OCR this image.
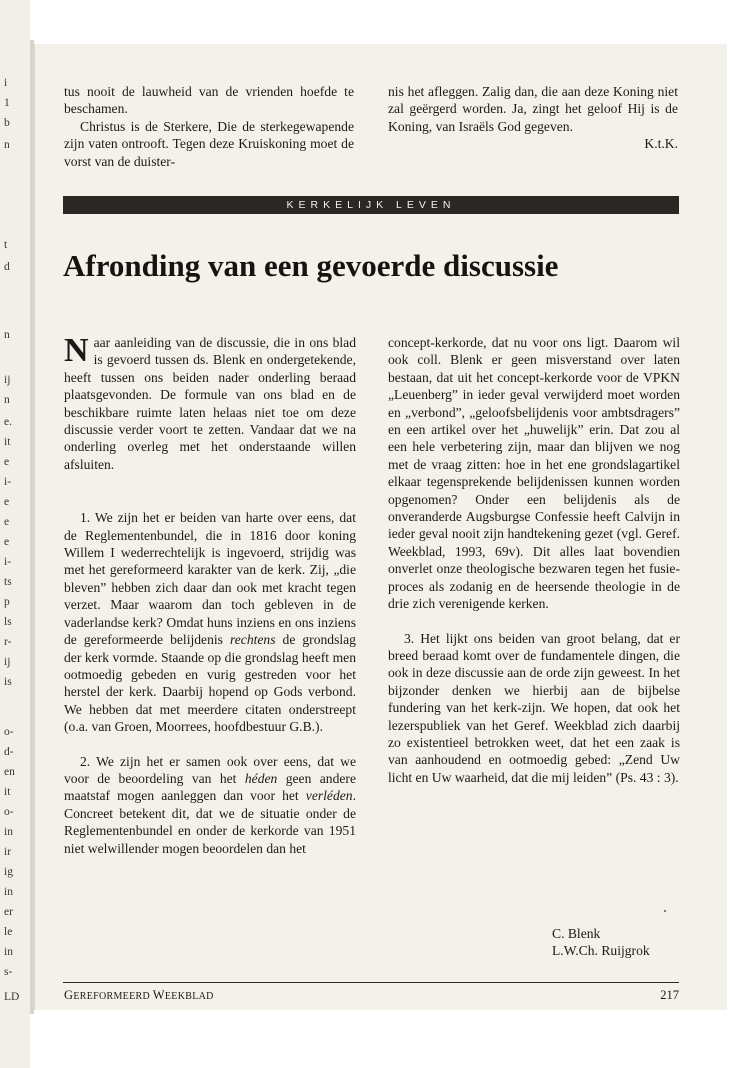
i
1
b
n
t
d
n
ij
n
e.
it
e
i-
e
e
e
i-
ts
p
ls
r-
ij
is
o-
d-
en
it
o-
in
ir
ig
in
er
le
in
s-
LD

tus nooit de lauwheid van de vrienden hoefde te beschamen.

Christus is de Sterkere, Die de sterkegewapende zijn vaten ontrooft. Tegen deze Kruiskoning moet de vorst van de duister-

nis het afleggen. Zalig dan, die aan deze Koning niet zal geërgerd worden. Ja, zingt het geloof Hij is de Koning, van Israëls God gegeven.

K.t.K.

KERKELIJK LEVEN
Afronding van een gevoerde discussie

Naar aanleiding van de discussie, die in ons blad is gevoerd tussen ds. Blenk en ondergetekende, heeft tussen ons beiden nader onderling beraad plaatsgevonden. De formule van ons blad en de beschikbare ruimte laten helaas niet toe om deze discussie verder voort te zetten. Vandaar dat we na onderling overleg met het onderstaande willen afsluiten.

1. We zijn het er beiden van harte over eens, dat de Reglementenbundel, die in 1816 door koning Willem I wederrechtelijk is ingevoerd, strijdig was met het gereformeerd karakter van de kerk. Zij, „die bleven” hebben zich daar dan ook met kracht tegen verzet. Maar waarom dan toch gebleven in de vaderlandse kerk? Omdat huns inziens en ons inziens de gereformeerde belijdenis rechtens de grondslag der kerk vormde. Staande op die grondslag heeft men ootmoedig gebeden en vurig gestreden voor het herstel der kerk. Daarbij hopend op Gods verbond. We hebben dat met meerdere citaten onderstreept (o.a. van Groen, Moorrees, hoofdbestuur G.B.).

2. We zijn het er samen ook over eens, dat we voor de beoordeling van het héden geen andere maatstaf mogen aanleggen dan voor het verléden. Concreet betekent dit, dat we de situatie onder de Reglementenbundel en onder de kerkorde van 1951 niet welwillender mogen beoordelen dan het

concept-kerkorde, dat nu voor ons ligt. Daarom wil ook coll. Blenk er geen misverstand over laten bestaan, dat uit het concept-kerkorde voor de VPKN „Leuenberg” in ieder geval verwijderd moet worden en „verbond”, „geloofsbelijdenis voor ambtsdragers” en een artikel over het „huwelijk” erin. Dat zou al een hele verbetering zijn, maar dan blijven we nog met de vraag zitten: hoe in het ene grondslagartikel elkaar tegensprekende belijdenissen kunnen worden opgenomen? Onder een belijdenis als de onveranderde Augsburgse Confessie heeft Calvijn in ieder geval nooit zijn handtekening gezet (vgl. Geref. Weekblad, 1993, 69v). Dit alles laat bovendien onverlet onze theologische bezwaren tegen het fusie-proces als zodanig en de heersende theologie in de drie zich verenigende kerken.

3. Het lijkt ons beiden van groot belang, dat er breed beraad komt over de fundamentele dingen, die ook in deze discussie aan de orde zijn geweest. In het bijzonder denken we hierbij aan de bijbelse fundering van het kerk-zijn. We hopen, dat ook het lezerspubliek van het Geref. Weekblad zich daarbij zo existentieel betrokken weet, dat het een zaak is van aanhoudend en ootmoedig gebed: „Zend Uw licht en Uw waarheid, dat die mij leiden” (Ps. 43 : 3).

C. Blenk
L.W.Ch. Ruijgrok
GEREFORMEERD WEEKBLAD	217
